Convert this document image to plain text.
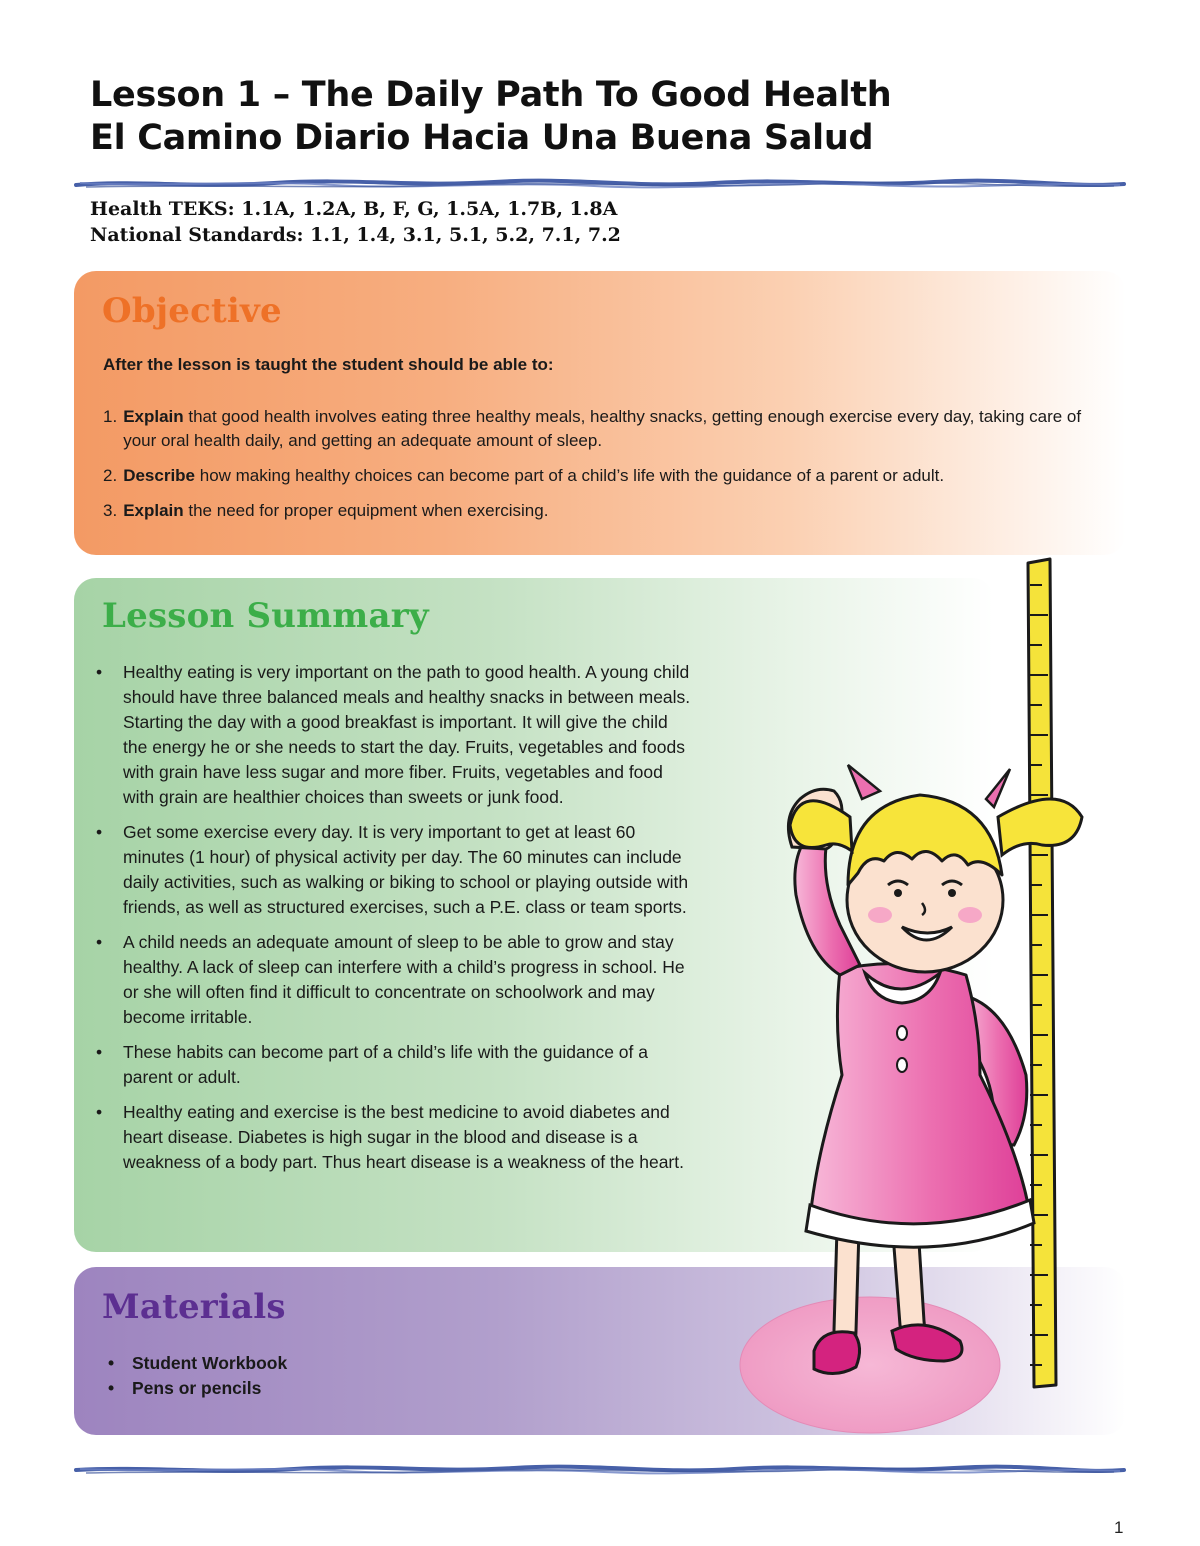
Lesson 1 – The Daily Path To Good Health
El Camino Diario Hacia Una Buena Salud
Health TEKS: 1.1A, 1.2A, B, F, G, 1.5A, 1.7B, 1.8A
National Standards: 1.1, 1.4, 3.1, 5.1, 5.2, 7.1, 7.2
Objective
After the lesson is taught the student should be able to:
1. Explain that good health involves eating three healthy meals, healthy snacks, getting enough exercise every day, taking care of your oral health daily, and getting an adequate amount of sleep.
2. Describe how making healthy choices can become part of a child’s life with the guidance of a parent or adult.
3. Explain the need for proper equipment when exercising.
Lesson Summary
• Healthy eating is very important on the path to good health. A young child should have three balanced meals and healthy snacks in between meals. Starting the day with a good breakfast is important. It will give the child the energy he or she needs to start the day. Fruits, vegetables and foods with grain have less sugar and more fiber. Fruits, vegetables and food with grain are healthier choices than sweets or junk food.
• Get some exercise every day. It is very important to get at least 60 minutes (1 hour) of physical activity per day. The 60 minutes can include daily activities, such as walking or biking to school or playing outside with friends, as well as structured exercises, such a P.E. class or team sports.
• A child needs an adequate amount of sleep to be able to grow and stay healthy. A lack of sleep can interfere with a child’s progress in school. He or she will often find it difficult to concentrate on schoolwork and may become irritable.
• These habits can become part of a child’s life with the guidance of a parent or adult.
• Healthy eating and exercise is the best medicine to avoid diabetes and heart disease. Diabetes is high sugar in the blood and disease is a weakness of a body part. Thus heart disease is a weakness of the heart.
Materials
• Student Workbook
• Pens or pencils
1
